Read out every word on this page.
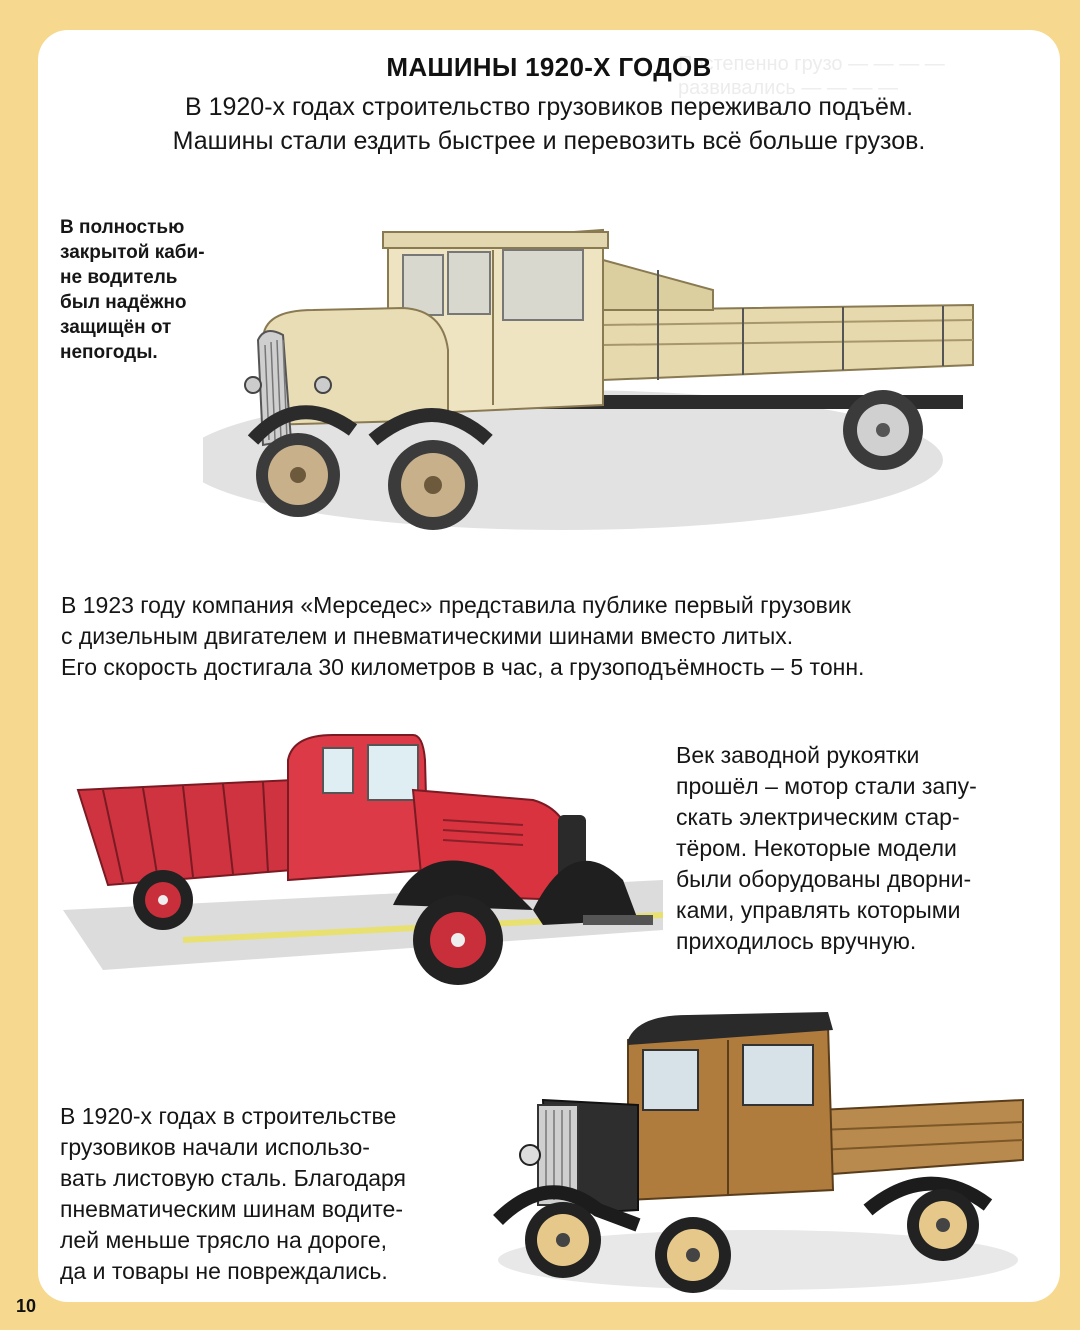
Постепенно грузо — — — —
развивались — — — —
МАШИНЫ 1920-Х ГОДОВ
В 1920-х годах строительство грузовиков переживало подъём.
Машины стали ездить быстрее и перевозить всё больше грузов.
В полностью
закрытой каби-
не водитель
был надёжно
защищён от
непогоды.
В 1923 году компания «Мерседес» представила публике первый грузовик
с дизельным двигателем и пневматическими шинами вместо литых.
Его скорость достигала 30 километров в час, а грузоподъёмность – 5 тонн.
Век заводной рукоятки
прошёл – мотор стали запу-
скать электрическим стар-
тёром. Некоторые модели
были оборудованы дворни-
ками, управлять которыми
приходилось вручную.
В 1920-х годах в строительстве
грузовиков начали использо-
вать листовую сталь. Благодаря
пневматическим шинам водите-
лей меньше трясло на дороге,
да и товары не повреждались.
10
